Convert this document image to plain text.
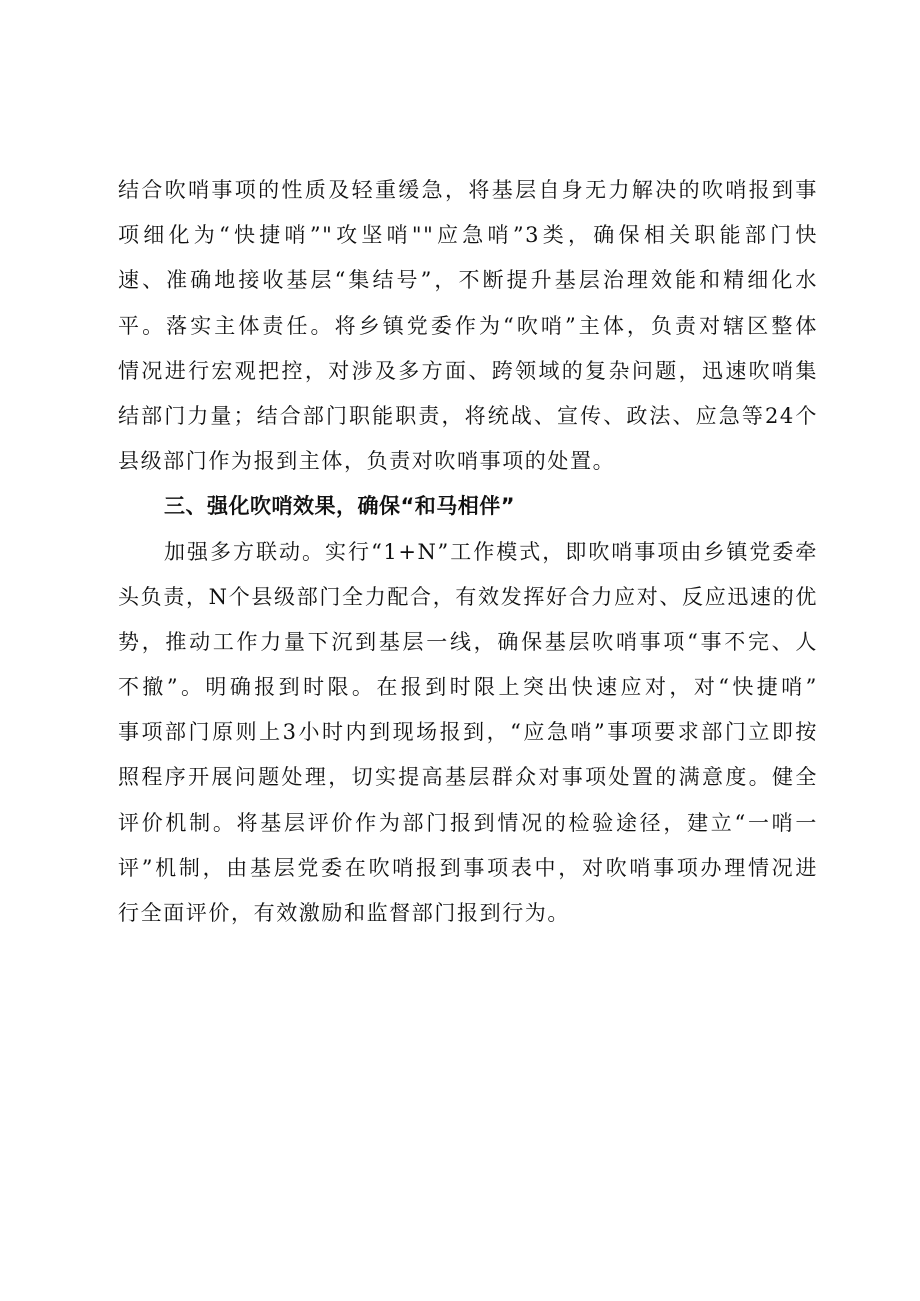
结合吹哨事项的性质及轻重缓急，将基层自身无力解决的吹哨报到事

项细化为“快捷哨”"攻坚哨""应急哨”3类，确保相关职能部门快

速、准确地接收基层“集结号”，不断提升基层治理效能和精细化水

平。落实主体责任。将乡镇党委作为“吹哨”主体，负责对辖区整体

情况进行宏观把控，对涉及多方面、跨领域的复杂问题，迅速吹哨集

结部门力量；结合部门职能职责，将统战、宣传、政法、应急等24个

县级部门作为报到主体，负责对吹哨事项的处置。

三、强化吹哨效果，确保“和马相伴”

加强多方联动。实行“1+N”工作模式，即吹哨事项由乡镇党委牵

头负责，N个县级部门全力配合，有效发挥好合力应对、反应迅速的优

势，推动工作力量下沉到基层一线，确保基层吹哨事项“事不完、人

不撤”。明确报到时限。在报到时限上突出快速应对，对“快捷哨”

事项部门原则上3小时内到现场报到，“应急哨”事项要求部门立即按

照程序开展问题处理，切实提高基层群众对事项处置的满意度。健全

评价机制。将基层评价作为部门报到情况的检验途径，建立“一哨一

评”机制，由基层党委在吹哨报到事项表中，对吹哨事项办理情况进

行全面评价，有效激励和监督部门报到行为。
